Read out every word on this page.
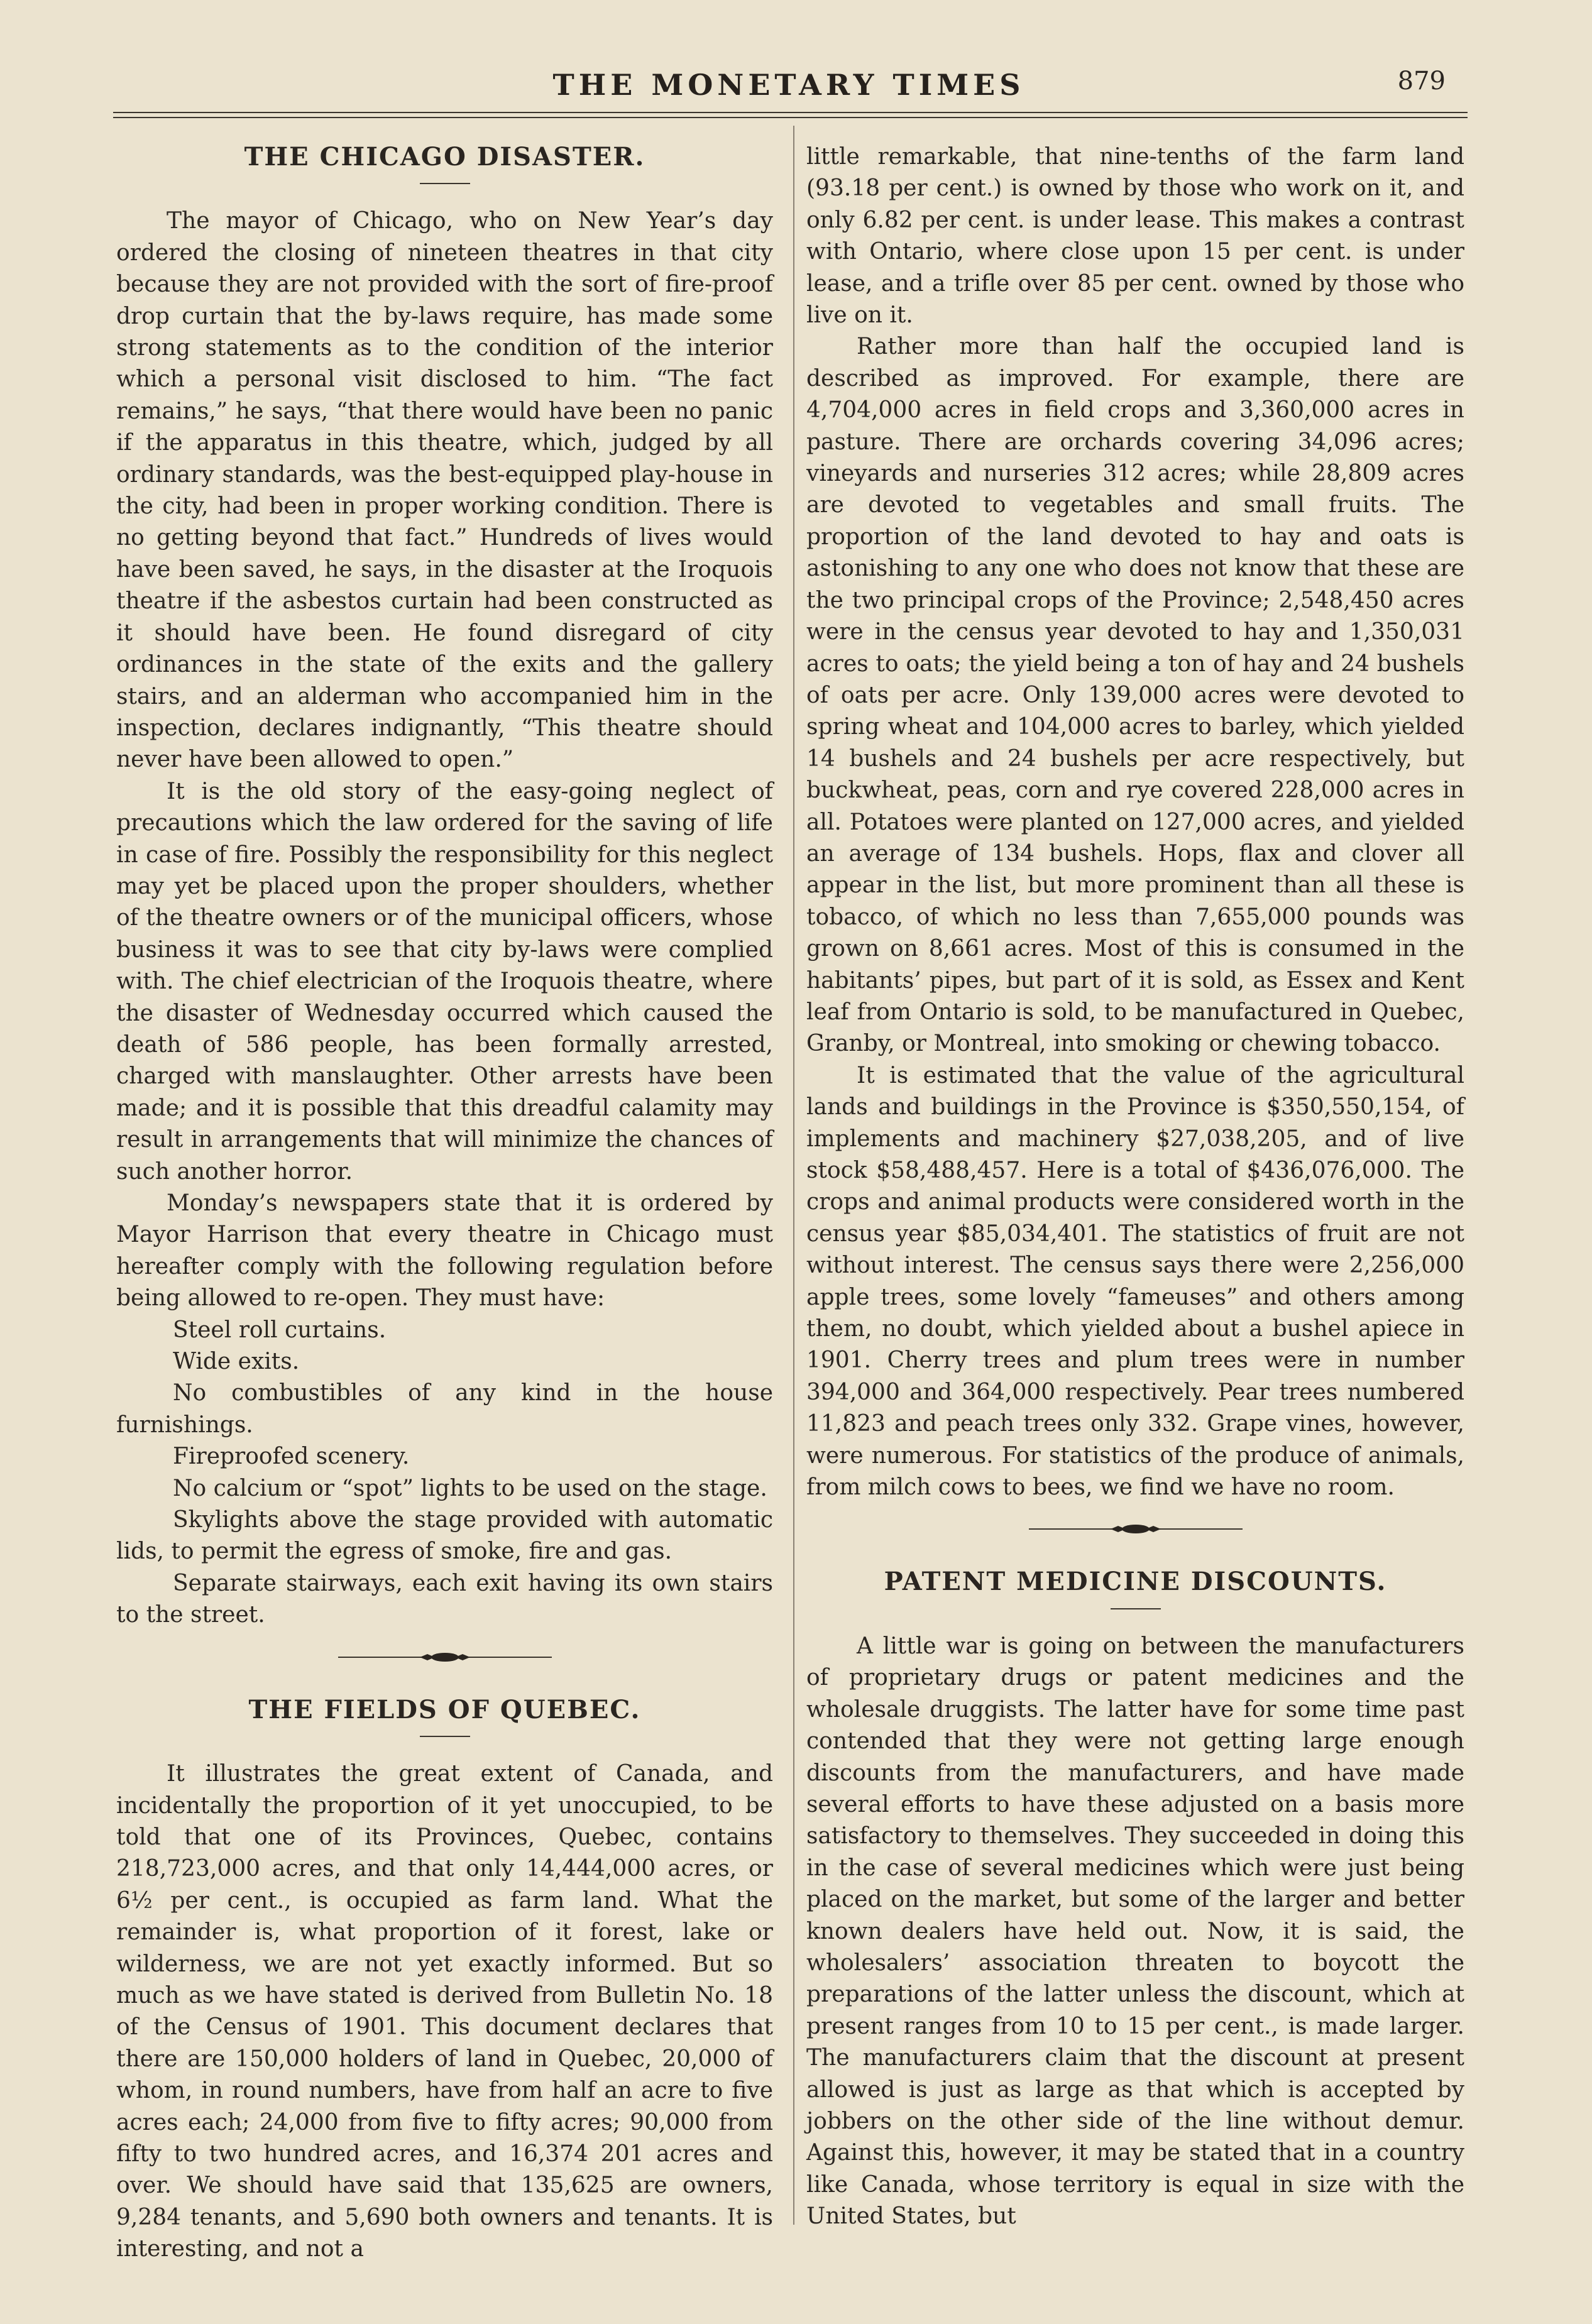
THE MONETARY TIMES	879
THE CHICAGO DISASTER.

The mayor of Chicago, who on New Year’s day ordered the closing of nineteen theatres in that city because they are not provided with the sort of fire-proof drop curtain that the by-laws require, has made some strong statements as to the condition of the interior which a personal visit disclosed to him. “The fact remains,” he says, “that there would have been no panic if the apparatus in this theatre, which, judged by all ordinary standards, was the best-equipped play-house in the city, had been in proper working condition. There is no getting beyond that fact.” Hundreds of lives would have been saved, he says, in the disaster at the Iroquois theatre if the asbestos curtain had been constructed as it should have been. He found disregard of city ordinances in the state of the exits and the gallery stairs, and an alderman who accompanied him in the inspection, declares indignantly, “This theatre should never have been allowed to open.”

It is the old story of the easy-going neglect of precautions which the law ordered for the saving of life in case of fire. Possibly the responsibility for this neglect may yet be placed upon the proper shoulders, whether of the theatre owners or of the municipal officers, whose business it was to see that city by-laws were complied with. The chief electrician of the Iroquois theatre, where the disaster of Wednesday occurred which caused the death of 586 people, has been formally arrested, charged with manslaughter. Other arrests have been made; and it is possible that this dreadful calamity may result in arrangements that will minimize the chances of such another horror.

Monday’s newspapers state that it is ordered by Mayor Harrison that every theatre in Chicago must hereafter comply with the following regulation before being allowed to re-open. They must have:

Steel roll curtains.

Wide exits.

No combustibles of any kind in the house furnishings.

Fireproofed scenery.

No calcium or “spot” lights to be used on the stage.

Skylights above the stage provided with automatic lids, to permit the egress of smoke, fire and gas.

Separate stairways, each exit having its own stairs to the street.

THE FIELDS OF QUEBEC.

It illustrates the great extent of Canada, and incidentally the proportion of it yet unoccupied, to be told that one of its Provinces, Quebec, contains 218,723,000 acres, and that only 14,444,000 acres, or 6½ per cent., is occupied as farm land. What the remainder is, what proportion of it forest, lake or wilderness, we are not yet exactly informed. But so much as we have stated is derived from Bulletin No. 18 of the Census of 1901. This document declares that there are 150,000 holders of land in Quebec, 20,000 of whom, in round numbers, have from half an acre to five acres each; 24,000 from five to fifty acres; 90,000 from fifty to two hundred acres, and 16,374 201 acres and over. We should have said that 135,625 are owners, 9,284 tenants, and 5,690 both owners and tenants. It is interesting, and not a

little remarkable, that nine-tenths of the farm land (93.18 per cent.) is owned by those who work on it, and only 6.82 per cent. is under lease. This makes a contrast with Ontario, where close upon 15 per cent. is under lease, and a trifle over 85 per cent. owned by those who live on it.

Rather more than half the occupied land is described as improved. For example, there are 4,704,000 acres in field crops and 3,360,000 acres in pasture. There are orchards covering 34,096 acres; vineyards and nurseries 312 acres; while 28,809 acres are devoted to vegetables and small fruits. The proportion of the land devoted to hay and oats is astonishing to any one who does not know that these are the two principal crops of the Province; 2,548,450 acres were in the census year devoted to hay and 1,350,031 acres to oats; the yield being a ton of hay and 24 bushels of oats per acre. Only 139,000 acres were devoted to spring wheat and 104,000 acres to barley, which yielded 14 bushels and 24 bushels per acre respectively, but buckwheat, peas, corn and rye covered 228,000 acres in all. Potatoes were planted on 127,000 acres, and yielded an average of 134 bushels. Hops, flax and clover all appear in the list, but more prominent than all these is tobacco, of which no less than 7,655,000 pounds was grown on 8,661 acres. Most of this is consumed in the habitants’ pipes, but part of it is sold, as Essex and Kent leaf from Ontario is sold, to be manufactured in Quebec, Granby, or Montreal, into smoking or chewing tobacco.

It is estimated that the value of the agricultural lands and buildings in the Province is $350,550,154, of implements and machinery $27,038,205, and of live stock $58,488,457. Here is a total of $436,076,000. The crops and animal products were considered worth in the census year $85,034,401. The statistics of fruit are not without interest. The census says there were 2,256,000 apple trees, some lovely “fameuses” and others among them, no doubt, which yielded about a bushel apiece in 1901. Cherry trees and plum trees were in number 394,000 and 364,000 respectively. Pear trees numbered 11,823 and peach trees only 332. Grape vines, however, were numerous. For statistics of the produce of animals, from milch cows to bees, we find we have no room.

PATENT MEDICINE DISCOUNTS.

A little war is going on between the manufacturers of proprietary drugs or patent medicines and the wholesale druggists. The latter have for some time past contended that they were not getting large enough discounts from the manufacturers, and have made several efforts to have these adjusted on a basis more satisfactory to themselves. They succeeded in doing this in the case of several medicines which were just being placed on the market, but some of the larger and better known dealers have held out. Now, it is said, the wholesalers’ association threaten to boycott the preparations of the latter unless the discount, which at present ranges from 10 to 15 per cent., is made larger. The manufacturers claim that the discount at present allowed is just as large as that which is accepted by jobbers on the other side of the line without demur. Against this, however, it may be stated that in a country like Canada, whose territory is equal in size with the United States, but
